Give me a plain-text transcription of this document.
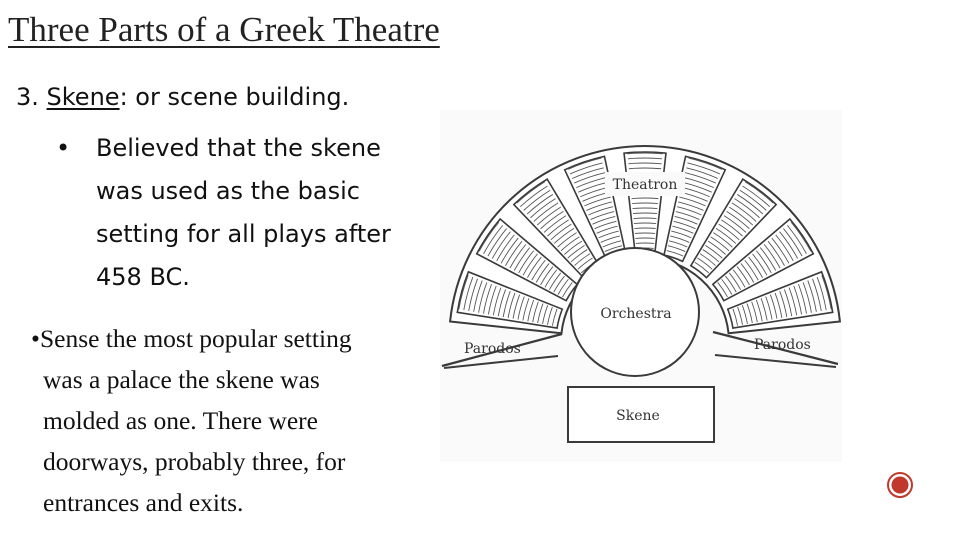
Three Parts of a Greek Theatre
3. Skene: or scene building.
• Believed that the skene
was used as the basic
setting for all plays after
458 BC.
•Sense the most popular setting
was a palace the skene was
molded as one. There were
doorways, probably three, for
entrances and exits.
Theatron
Orchestra
Parodos	Parodos
Skene
